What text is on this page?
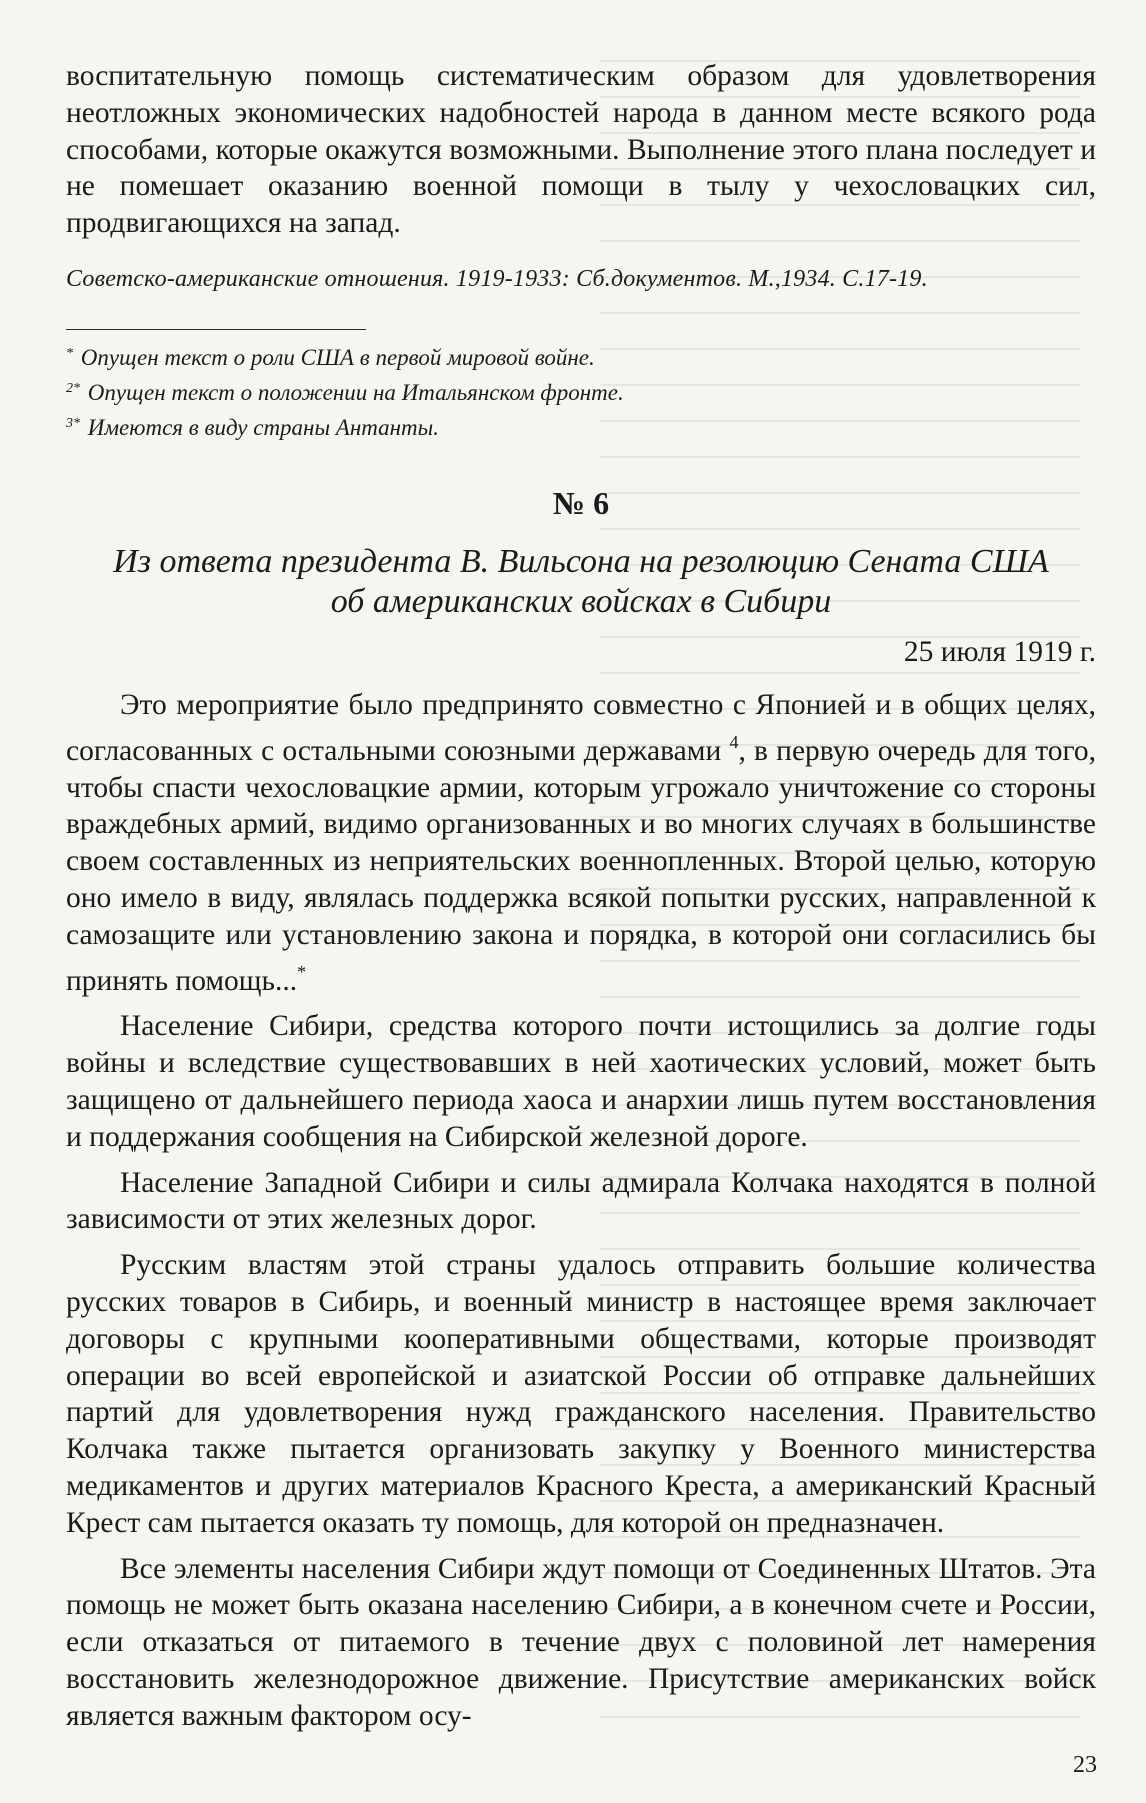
воспитательную помощь систематическим образом для удовлетворения неотложных экономических надобностей народа в данном месте всякого рода способами, которые окажутся возможными. Выполнение этого плана последует и не помешает оказанию военной помощи в тылу у чехословацких сил, продвигающихся на запад.

Советско-американские отношения. 1919-1933: Сб.документов. М.,1934. С.17-19.

* Опущен текст о роли США в первой мировой войне.

$^{2*}$ Опущен текст о положении на Итальянском фронте.

$^{3*}$ Имеются в виду страны Антанты.

№ 6
Из ответа президента В. Вильсона на резолюцию Сената США
об американских войсках в Сибири
25 июля 1919 г.

Это мероприятие было предпринято совместно с Японией и в общих целях, согласованных с остальными союзными державами $^4$, в первую очередь для того, чтобы спасти чехословацкие армии, которым угрожало уничтожение со стороны враждебных армий, видимо организованных и во многих случаях в большинстве своем составленных из неприятельских военнопленных. Второй целью, которую оно имело в виду, являлась поддержка всякой попытки русских, направленной к самозащите или установлению закона и порядка, в которой они согласились бы принять помощь...*

Население Сибири, средства которого почти истощились за долгие годы войны и вследствие существовавших в ней хаотических условий, может быть защищено от дальнейшего периода хаоса и анархии лишь путем восстановления и поддержания сообщения на Сибирской железной дороге.

Население Западной Сибири и силы адмирала Колчака находятся в полной зависимости от этих железных дорог.

Русским властям этой страны удалось отправить большие количества русских товаров в Сибирь, и военный министр в настоящее время заключает договоры с крупными кооперативными обществами, которые производят операции во всей европейской и азиатской России об отправке дальнейших партий для удовлетворения нужд гражданского населения. Правительство Колчака также пытается организовать закупку у Военного министерства медикаментов и других материалов Красного Креста, а американский Красный Крест сам пытается оказать ту помощь, для которой он предназначен.

Все элементы населения Сибири ждут помощи от Соединенных Штатов. Эта помощь не может быть оказана населению Сибири, а в конечном счете и России, если отказаться от питаемого в течение двух с половиной лет намерения восстановить железнодорожное движение. Присутствие американских войск является важным фактором осу-

23
